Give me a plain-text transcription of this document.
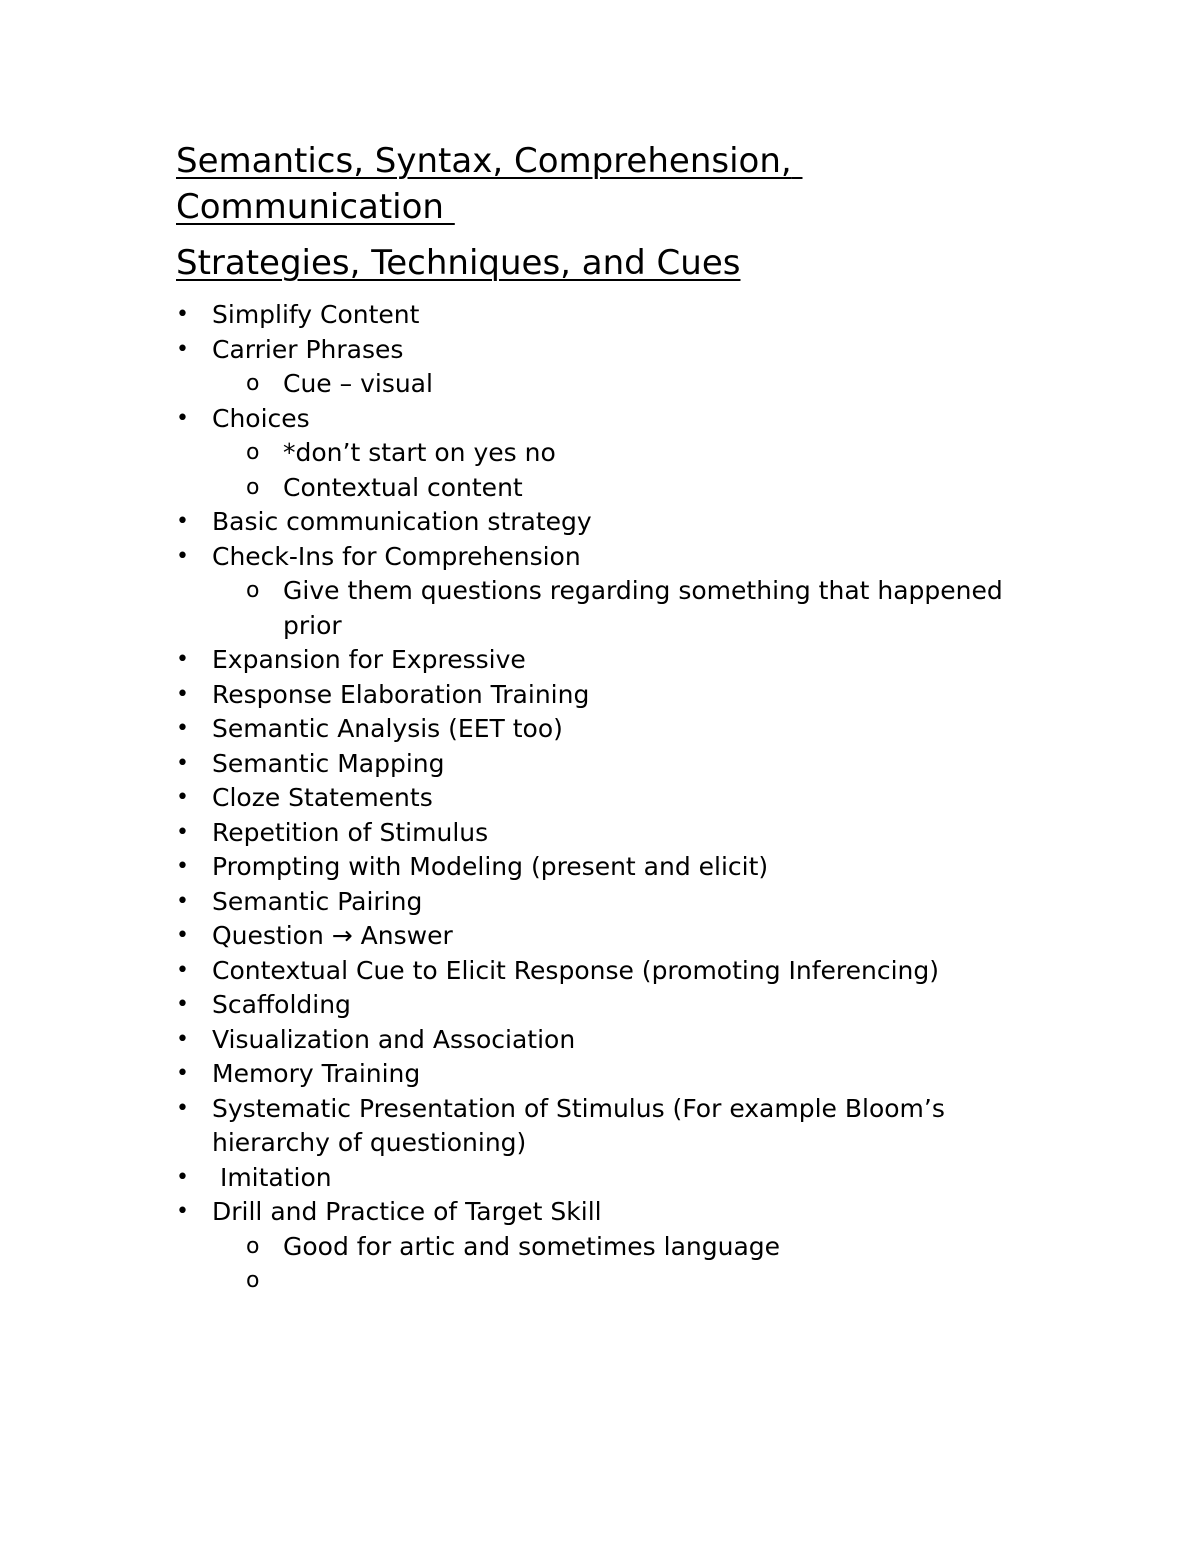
Semantics, Syntax, Comprehension, Communication
Strategies, Techniques, and Cues
• Simplify Content
• Carrier Phrases
o Cue – visual
• Choices
o *don’t start on yes no
o Contextual content
• Basic communication strategy
• Check-Ins for Comprehension
o Give them questions regarding something that happened prior
• Expansion for Expressive
• Response Elaboration Training
• Semantic Analysis (EET too)
• Semantic Mapping
• Cloze Statements
• Repetition of Stimulus
• Prompting with Modeling (present and elicit)
• Semantic Pairing
• Question → Answer
• Contextual Cue to Elicit Response (promoting Inferencing)
• Scaffolding
• Visualization and Association
• Memory Training
• Systematic Presentation of Stimulus (For example Bloom’s hierarchy of questioning)
• Imitation
• Drill and Practice of Target Skill
o Good for artic and sometimes language
o
